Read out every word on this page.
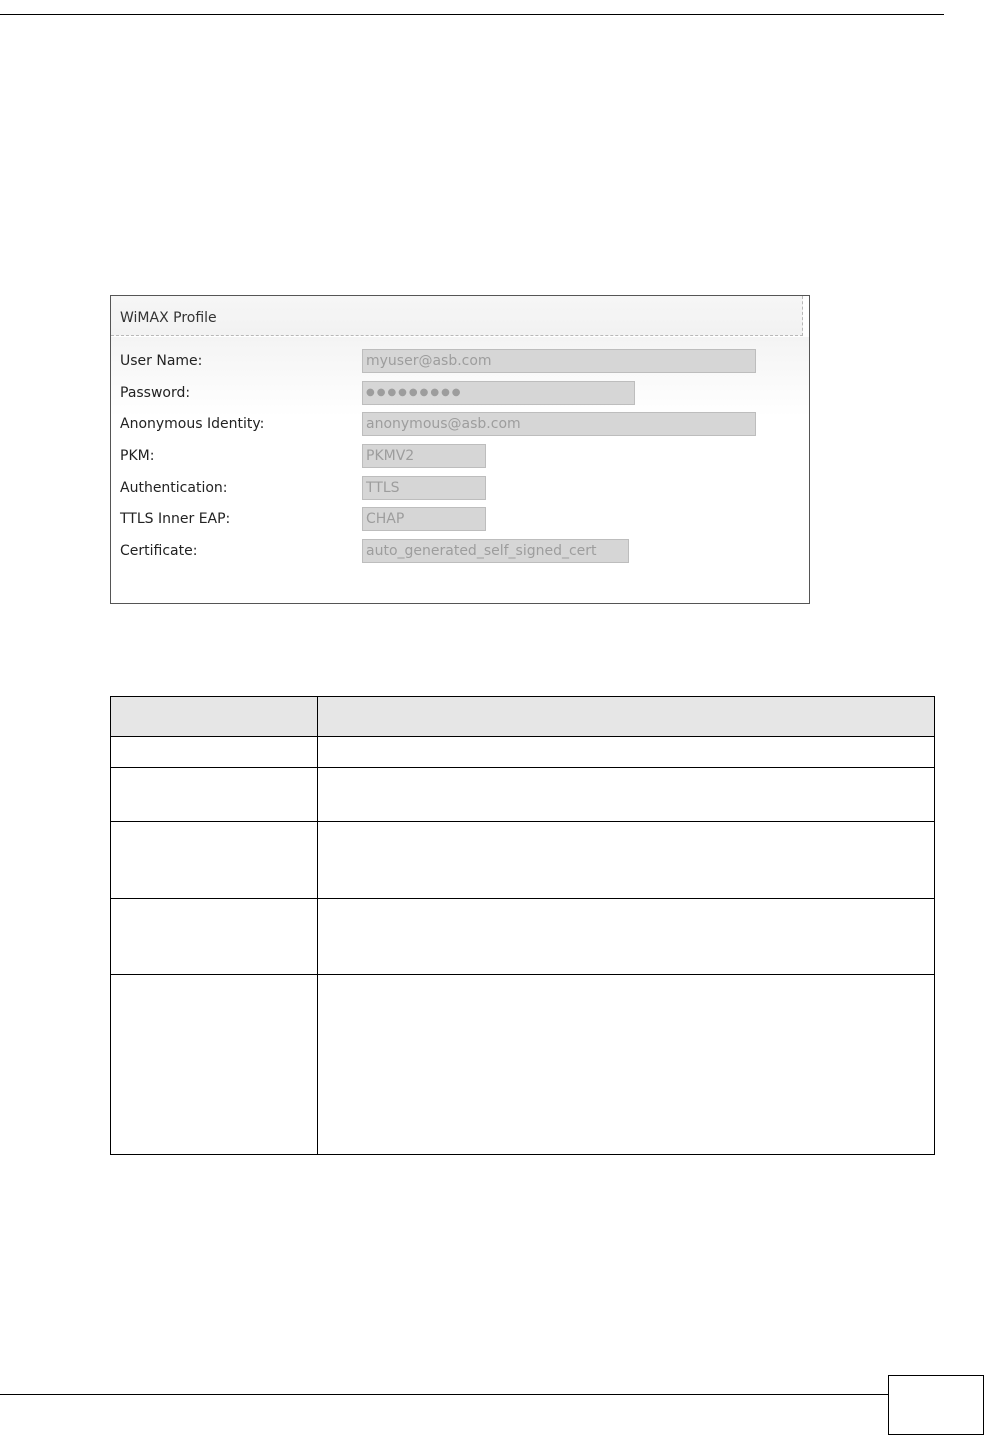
WiMAX Profile
User Name:	myuser@asb.com
Password:	●●●●●●●●●
Anonymous Identity:	anonymous@asb.com
PKM:	PKMV2
Authentication:	TTLS
TTLS Inner EAP:	CHAP
Certificate:	auto_generated_self_signed_cert
